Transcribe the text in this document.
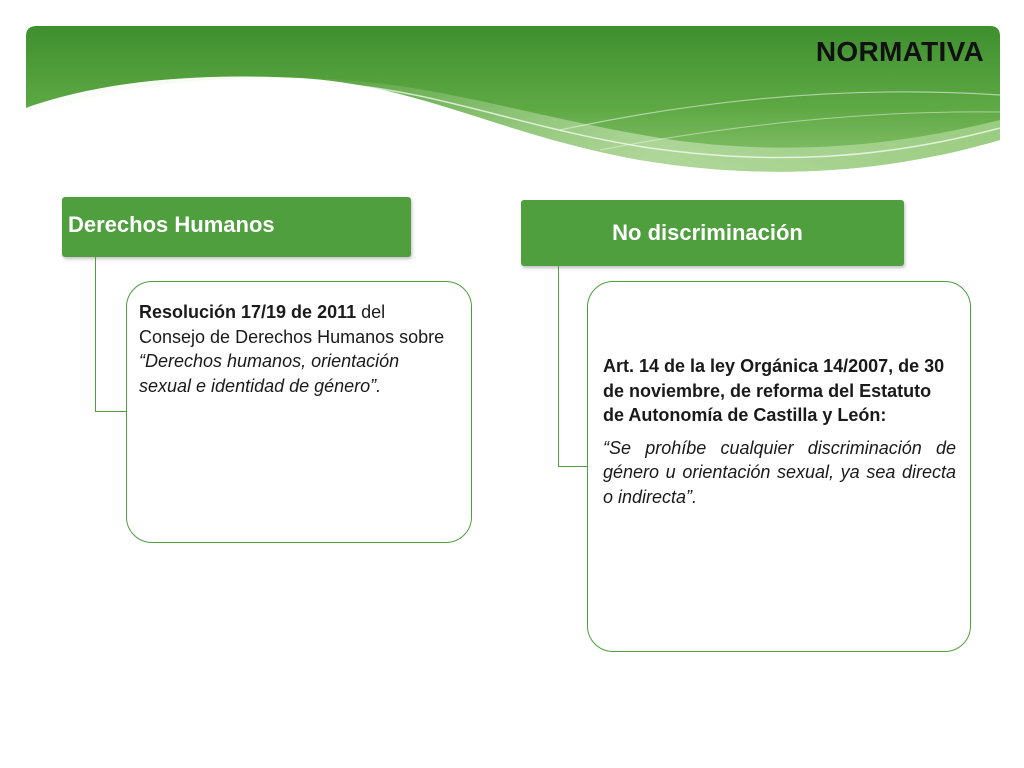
NORMATIVA
Derechos Humanos

Resolución 17/19 de 2011 del Consejo de Derechos Humanos sobre “Derechos humanos, orientación sexual e identidad de género”.

No discriminación

Art. 14 de la ley Orgánica 14/2007, de 30 de noviembre, de reforma del Estatuto de Autonomía de Castilla y León:

“Se prohíbe cualquier discriminación de género u orientación sexual, ya sea directa o indirecta”.
